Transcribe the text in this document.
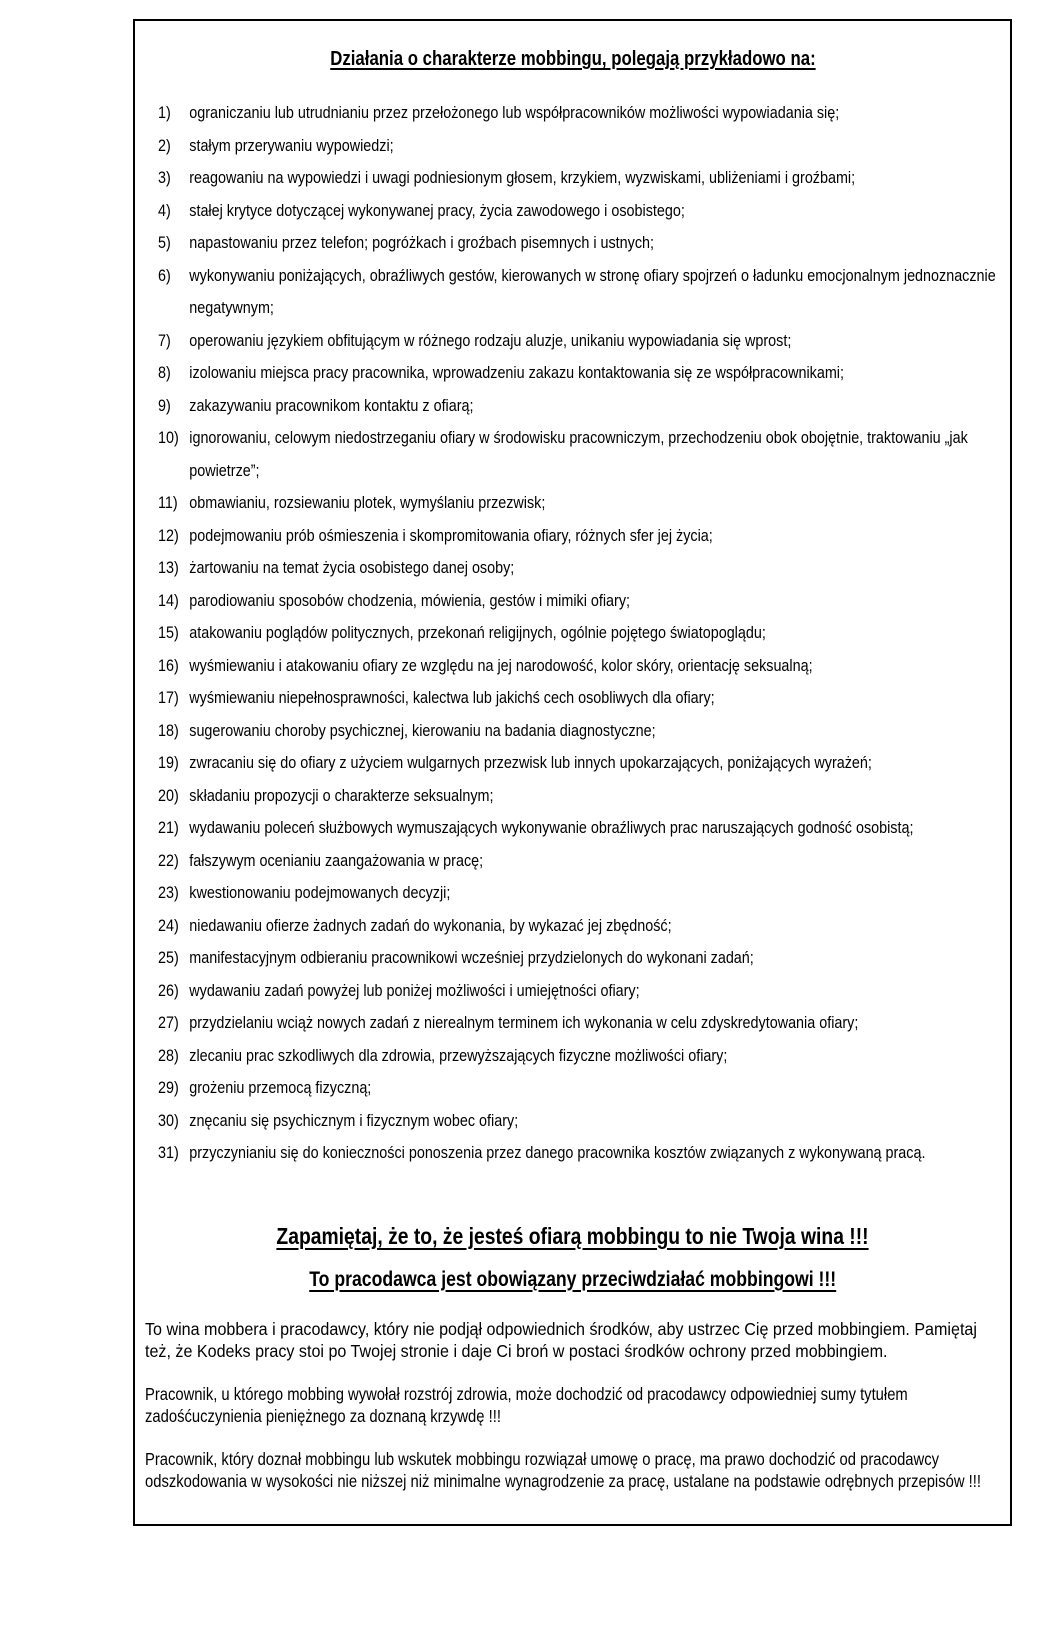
Działania o charakterze mobbingu, polegają przykładowo na:
1)	ograniczaniu lub utrudnianiu przez przełożonego lub współpracowników możliwości wypowiadania się;
2)	stałym przerywaniu wypowiedzi;
3)	reagowaniu na wypowiedzi i uwagi podniesionym głosem, krzykiem, wyzwiskami, ubliżeniami i groźbami;
4)	stałej krytyce dotyczącej wykonywanej pracy, życia zawodowego i osobistego;
5)	napastowaniu przez telefon; pogróżkach i groźbach pisemnych i ustnych;
6)	wykonywaniu poniżających, obraźliwych gestów, kierowanych w stronę ofiary spojrzeń o ładunku emocjonalnym jednoznacznie negatywnym;
7)	operowaniu językiem obfitującym w różnego rodzaju aluzje, unikaniu wypowiadania się wprost;
8)	izolowaniu miejsca pracy pracownika, wprowadzeniu zakazu kontaktowania się ze współpracownikami;
9)	zakazywaniu pracownikom kontaktu z ofiarą;
10) ignorowaniu, celowym niedostrzeganiu ofiary w środowisku pracowniczym, przechodzeniu obok obojętnie, traktowaniu „jak powietrze”;
11) obmawianiu, rozsiewaniu plotek, wymyślaniu przezwisk;
12) podejmowaniu prób ośmieszenia i skompromitowania ofiary, różnych sfer jej życia;
13) żartowaniu na temat życia osobistego danej osoby;
14) parodiowaniu sposobów chodzenia, mówienia, gestów i mimiki ofiary;
15) atakowaniu poglądów politycznych, przekonań religijnych, ogólnie pojętego światopoglądu;
16) wyśmiewaniu i atakowaniu ofiary ze względu na jej narodowość, kolor skóry, orientację seksualną;
17) wyśmiewaniu niepełnosprawności, kalectwa lub jakichś cech osobliwych dla ofiary;
18) sugerowaniu choroby psychicznej, kierowaniu na badania diagnostyczne;
19) zwracaniu się do ofiary z użyciem wulgarnych przezwisk lub innych upokarzających, poniżających wyrażeń;
20) składaniu propozycji o charakterze seksualnym;
21) wydawaniu poleceń służbowych wymuszających wykonywanie obraźliwych prac naruszających godność osobistą;
22) fałszywym ocenianiu zaangażowania w pracę;
23) kwestionowaniu podejmowanych decyzji;
24) niedawaniu ofierze żadnych zadań do wykonania, by wykazać jej zbędność;
25) manifestacyjnym odbieraniu pracownikowi wcześniej przydzielonych do wykonani zadań;
26) wydawaniu zadań powyżej lub poniżej możliwości i umiejętności ofiary;
27) przydzielaniu wciąż nowych zadań z nierealnym terminem ich wykonania w celu zdyskredytowania ofiary;
28) zlecaniu prac szkodliwych dla zdrowia, przewyższających fizyczne możliwości ofiary;
29) grożeniu przemocą fizyczną;
30) znęcaniu się psychicznym i fizycznym wobec ofiary;
31) przyczynianiu się do konieczności ponoszenia przez danego pracownika kosztów związanych z wykonywaną pracą.
Zapamiętaj, że to, że jesteś ofiarą mobbingu to nie Twoja wina !!!
To pracodawca jest obowiązany przeciwdziałać mobbingowi !!!

To wina mobbera i pracodawcy, który nie podjął odpowiednich środków, aby ustrzec Cię przed mobbingiem. Pamiętaj też, że Kodeks pracy stoi po Twojej stronie i daje Ci broń w postaci środków ochrony przed mobbingiem.

Pracownik, u którego mobbing wywołał rozstrój zdrowia, może dochodzić od pracodawcy odpowiedniej sumy tytułem zadośćuczynienia pieniężnego za doznaną krzywdę !!!

Pracownik, który doznał mobbingu lub wskutek mobbingu rozwiązał umowę o pracę, ma prawo dochodzić od pracodawcy odszkodowania w wysokości nie niższej niż minimalne wynagrodzenie za pracę, ustalane na podstawie odrębnych przepisów !!!
